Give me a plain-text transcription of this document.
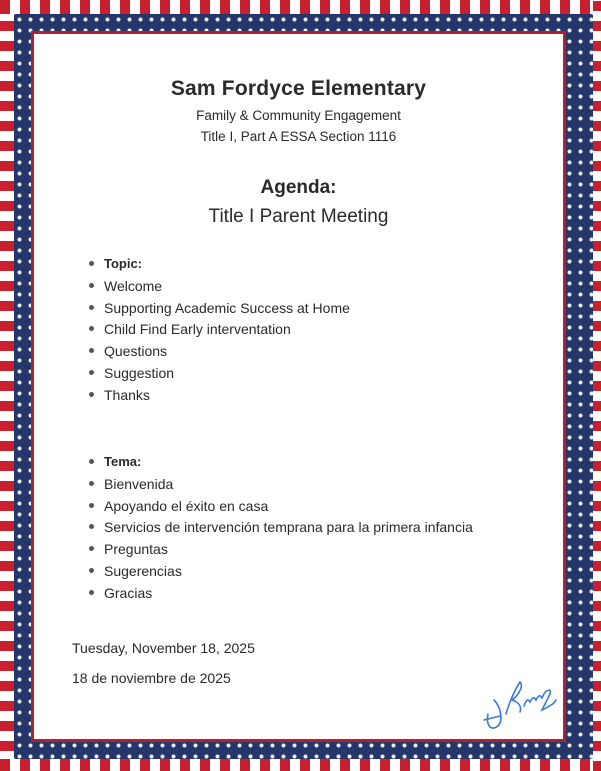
Sam Fordyce Elementary
Family & Community Engagement
Title I, Part A ESSA Section 1116
Agenda:
Title I Parent Meeting
Topic:
Welcome
Supporting Academic Success at Home
Child Find Early interventation
Questions
Suggestion
Thanks
Tema:
Bienvenida
Apoyando el éxito en casa
Servicios de intervención temprana para la primera infancia
Preguntas
Sugerencias
Gracias
Tuesday, November 18, 2025
18 de noviembre de 2025
